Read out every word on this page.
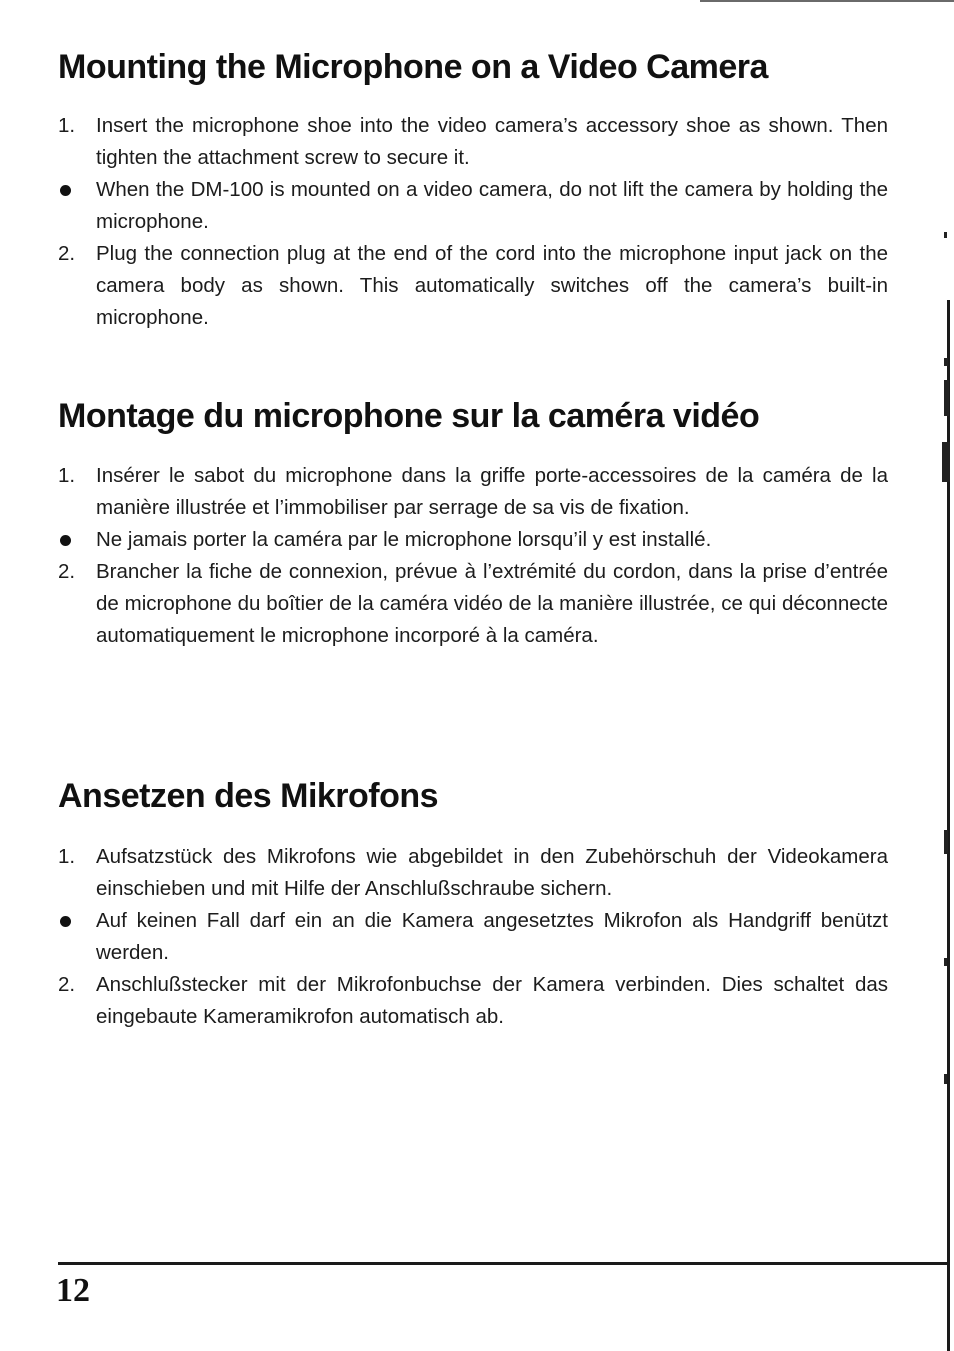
Mounting the Microphone on a Video Camera
1.	Insert the microphone shoe into the video camera’s accessory shoe as shown. Then tighten the attachment screw to secure it.
When the DM-100 is mounted on a video camera, do not lift the camera by holding the microphone.
2.	Plug the connection plug at the end of the cord into the microphone input jack on the camera body as shown. This automatically switches off the camera’s built-in microphone.
Montage du microphone sur la caméra vidéo
1.	Insérer le sabot du microphone dans la griffe porte-accessoires de la caméra de la manière illustrée et l’immobiliser par serrage de sa vis de fixation.
Ne jamais porter la caméra par le microphone lorsqu’il y est installé.
2.	Brancher la fiche de connexion, prévue à l’extrémité du cordon, dans la prise d’entrée de microphone du boîtier de la caméra vidéo de la manière illustrée, ce qui déconnecte automatiquement le microphone incorporé à la caméra.
Ansetzen des Mikrofons
1.	Aufsatzstück des Mikrofons wie abgebildet in den Zubehörschuh der Videokamera einschieben und mit Hilfe der Anschlußschraube sichern.
Auf keinen Fall darf ein an die Kamera angesetztes Mikrofon als Handgriff benützt werden.
2.	Anschlußstecker mit der Mikrofonbuchse der Kamera verbinden. Dies schaltet das eingebaute Kameramikrofon automatisch ab.
12
